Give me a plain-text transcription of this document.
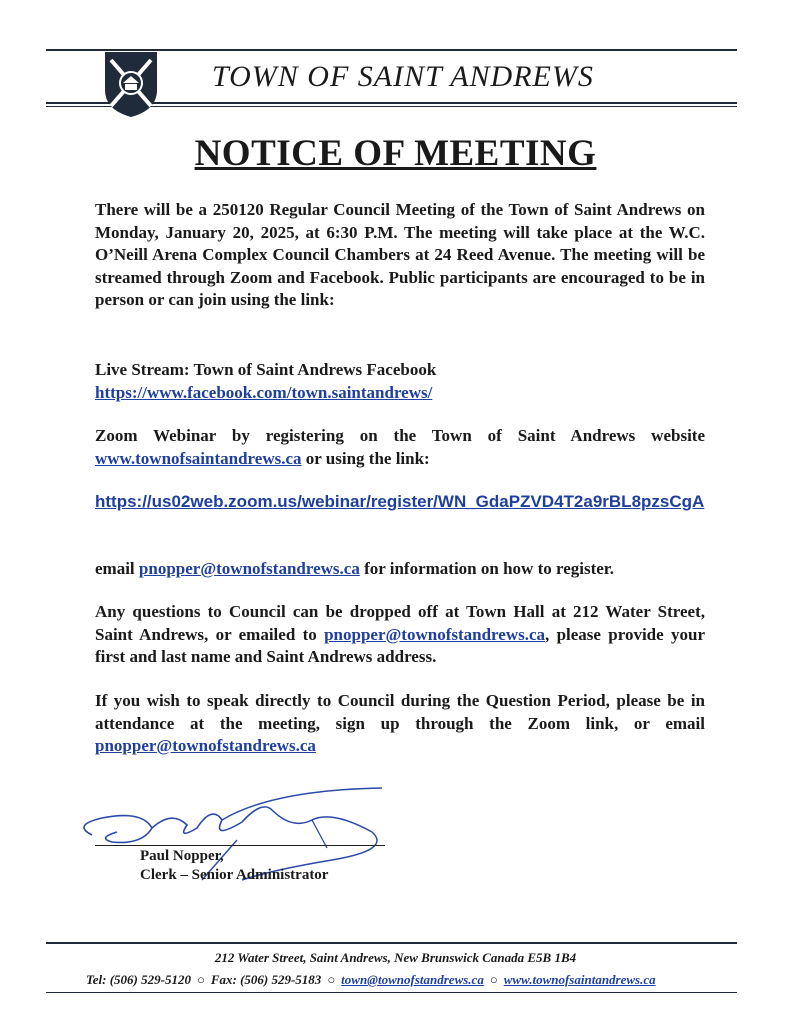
TOWN OF SAINT ANDREWS
NOTICE OF MEETING
There will be a 250120 Regular Council Meeting of the Town of Saint Andrews on Monday, January 20, 2025, at 6:30 P.M. The meeting will take place at the W.C. O’Neill Arena Complex Council Chambers at 24 Reed Avenue. The meeting will be streamed through Zoom and Facebook. Public participants are encouraged to be in person or can join using the link:
Live Stream: Town of Saint Andrews Facebook
https://www.facebook.com/town.saintandrews/
Zoom Webinar by registering on the Town of Saint Andrews website www.townofsaintandrews.ca or using the link:
https://us02web.zoom.us/webinar/register/WN_GdaPZVD4T2a9rBL8pzsCgA
email pnopper@townofstandrews.ca for information on how to register.
Any questions to Council can be dropped off at Town Hall at 212 Water Street, Saint Andrews, or emailed to pnopper@townofstandrews.ca, please provide your first and last name and Saint Andrews address.
If you wish to speak directly to Council during the Question Period, please be in attendance at the meeting, sign up through the Zoom link, or email pnopper@townofstandrews.ca
Paul Nopper,
Clerk – Senior Administrator
212 Water Street, Saint Andrews, New Brunswick Canada E5B 1B4
Tel: (506) 529-5120 ○ Fax: (506) 529-5183 ○ town@townofstandrews.ca ○ www.townofsaintandrews.ca
